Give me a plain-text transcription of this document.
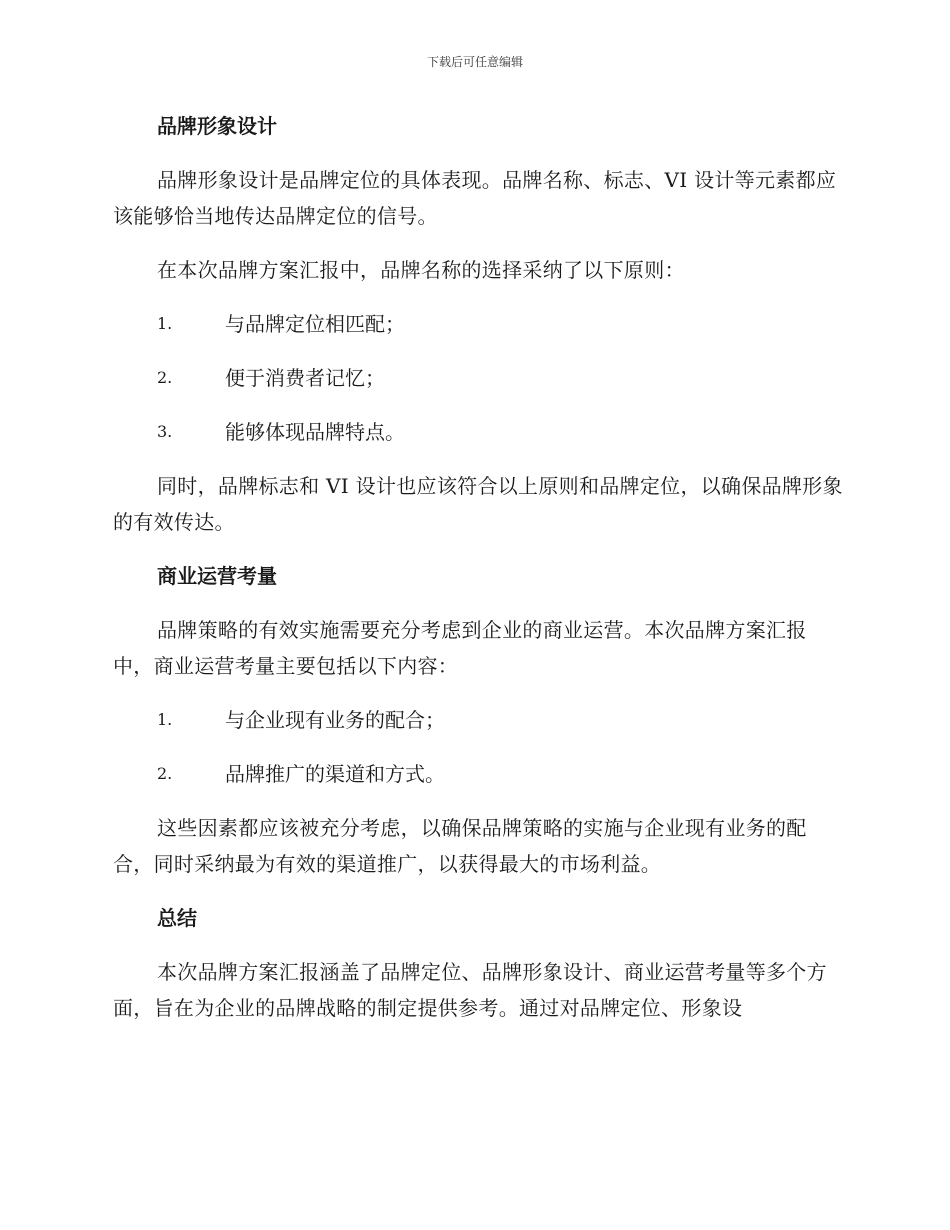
下载后可任意编辑
品牌形象设计

品牌形象设计是品牌定位的具体表现。品牌名称、标志、VI 设计等元素都应该能够恰当地传达品牌定位的信号。

在本次品牌方案汇报中，品牌名称的选择采纳了以下原则：

1.	与品牌定位相匹配；
2.	便于消费者记忆；
3.	能够体现品牌特点。

同时，品牌标志和 VI 设计也应该符合以上原则和品牌定位，以确保品牌形象的有效传达。

商业运营考量

品牌策略的有效实施需要充分考虑到企业的商业运营。本次品牌方案汇报中，商业运营考量主要包括以下内容：

1.	与企业现有业务的配合；
2.	品牌推广的渠道和方式。

这些因素都应该被充分考虑，以确保品牌策略的实施与企业现有业务的配合，同时采纳最为有效的渠道推广，以获得最大的市场利益。

总结

本次品牌方案汇报涵盖了品牌定位、品牌形象设计、商业运营考量等多个方面，旨在为企业的品牌战略的制定提供参考。通过对品牌定位、形象设
